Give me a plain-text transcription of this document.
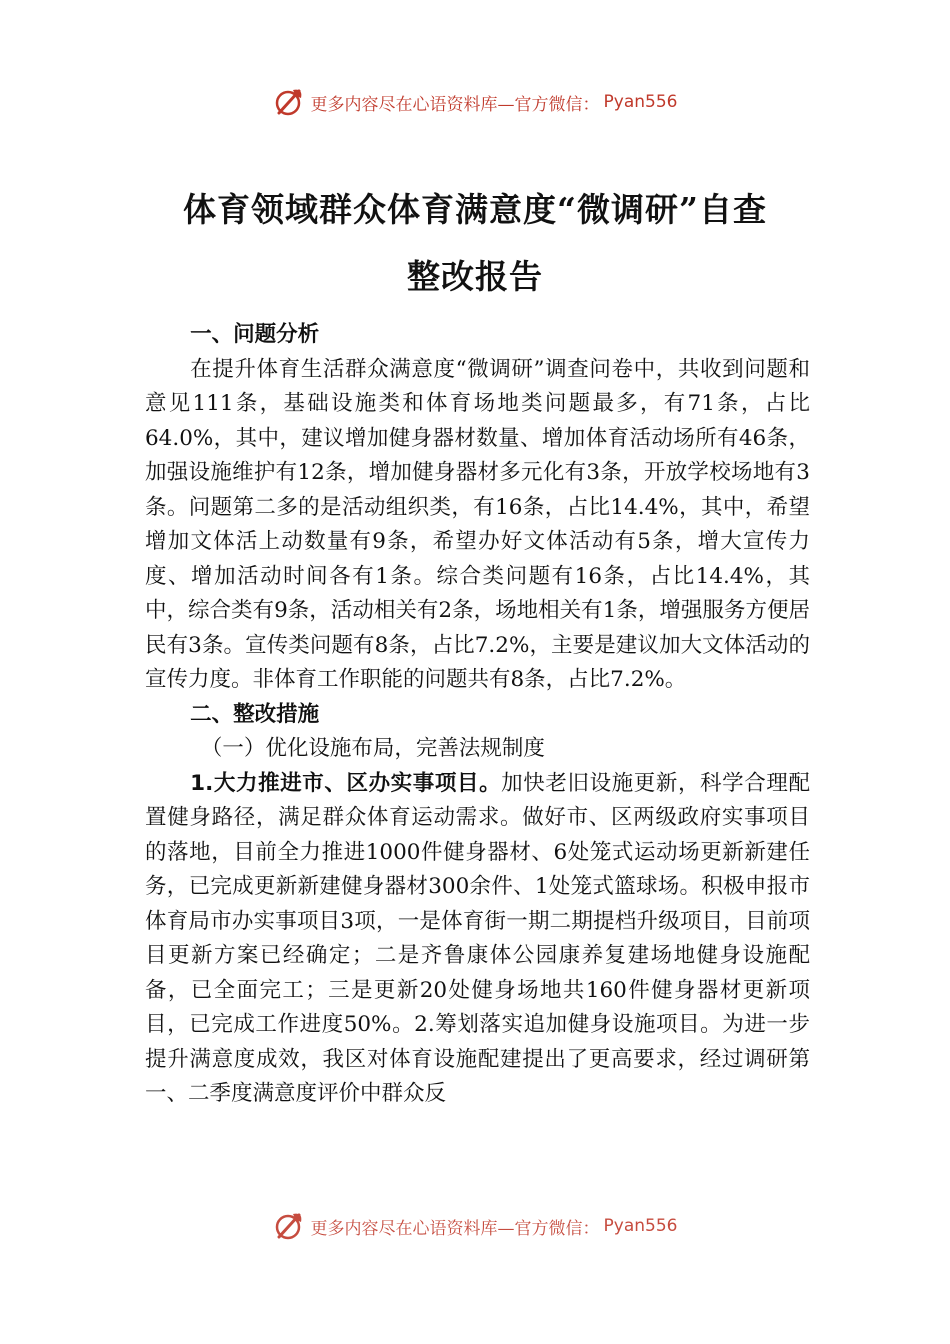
更多内容尽在心语资料库—官方微信： Pyan556
体育领域群众体育满意度“微调研”自查
整改报告

一、问题分析

在提升体育生活群众满意度“微调研”调查问卷中，共收到问题和意见111条，基础设施类和体育场地类问题最多，有71条，占比64.0%，其中，建议增加健身器材数量、增加体育活动场所有46条，加强设施维护有12条，增加健身器材多元化有3条，开放学校场地有3条。问题第二多的是活动组织类，有16条，占比14.4%，其中，希望增加文体活上动数量有9条，希望办好文体活动有5条，增大宣传力度、增加活动时间各有1条。综合类问题有16条，占比14.4%，其中，综合类有9条，活动相关有2条，场地相关有1条，增强服务方便居民有3条。宣传类问题有8条，占比7.2%，主要是建议加大文体活动的宣传力度。非体育工作职能的问题共有8条，占比7.2%。

二、整改措施

（一）优化设施布局，完善法规制度

1.大力推进市、区办实事项目。加快老旧设施更新，科学合理配置健身路径，满足群众体育运动需求。做好市、区两级政府实事项目的落地，目前全力推进1000件健身器材、6处笼式运动场更新新建任务，已完成更新新建健身器材300余件、1处笼式篮球场。积极申报市体育局市办实事项目3项，一是体育街一期二期提档升级项目，目前项目更新方案已经确定；二是齐鲁康体公园康养复建场地健身设施配备，已全面完工；三是更新20处健身场地共160件健身器材更新项目，已完成工作进度50%。2.筹划落实追加健身设施项目。为进一步提升满意度成效，我区对体育设施配建提出了更高要求，经过调研第一、二季度满意度评价中群众反

更多内容尽在心语资料库—官方微信： Pyan556
